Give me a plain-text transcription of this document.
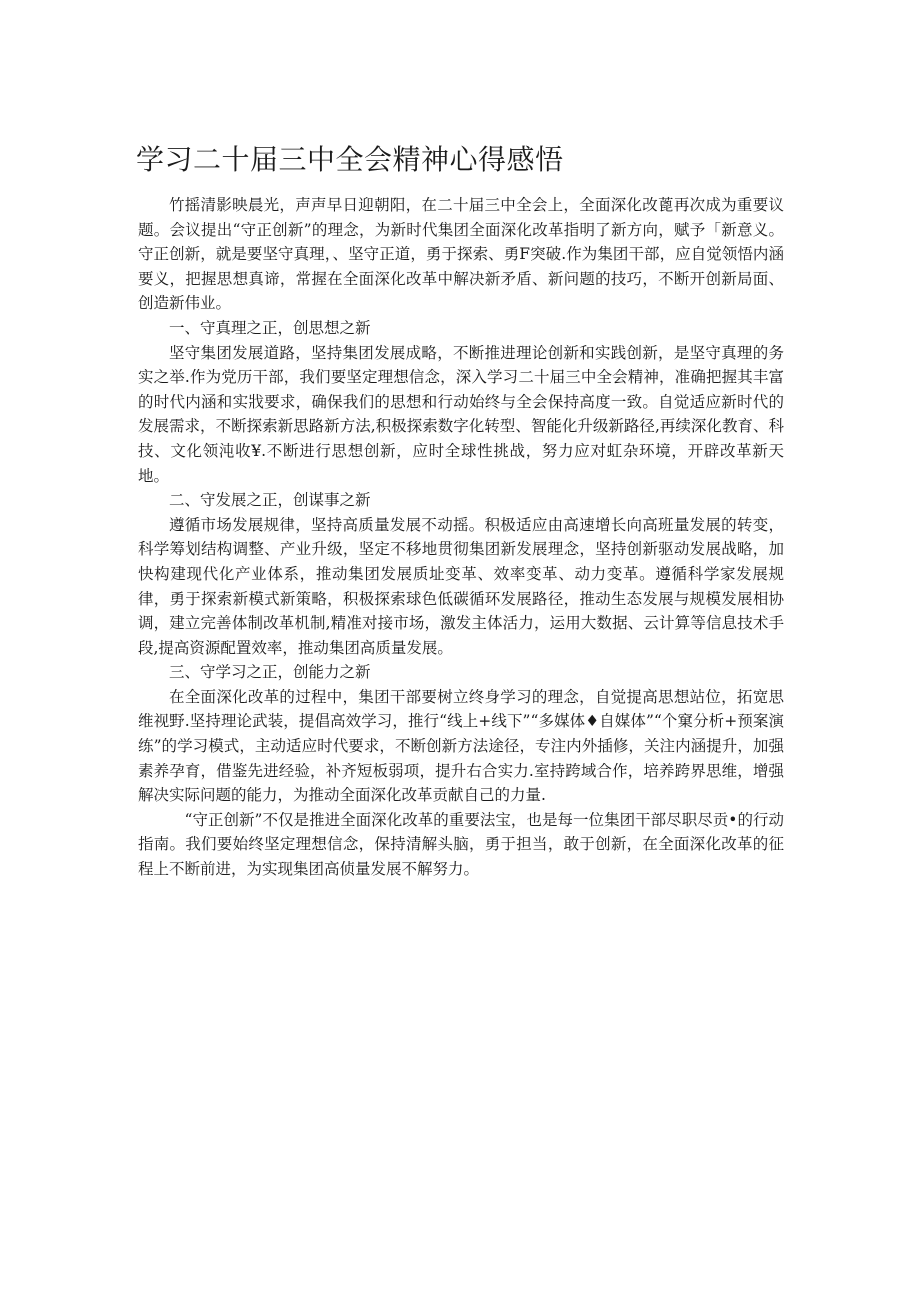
学习二十届三中全会精神心得感悟

竹摇清影映晨光，声声早日迎朝阳，在二十届三中全会上，全面深化改蓖再次成为重要议题。会议提出“守正创新”的理念，为新时代集团全面深化改革指明了新方向，赋予「新意义。守正创新，就是要坚守真理，、坚守正道，勇于探索、勇F突破.作为集团干部，应自觉领悟内涵要义，把握思想真谛，常握在全面深化改革中解决新矛盾、新问题的技巧，不断开创新局面、创造新伟业。

一、守真理之正，创思想之新

坚守集团发展道路，坚持集团发展成略，不断推进理论创新和实践创新，是坚守真理的务实之举.作为党历干部，我们要坚定理想信念，深入学习二十届三中全会精神，准确把握其丰富的时代内涵和实戕要求，确保我们的思想和行动始终与全会保持高度一致。自觉适应新时代的发展需求，不断探索新思路新方法,积极探索数字化转型、智能化升级新路径,再续深化教育、科技、文化领沌收¥.不断进行思想创新，应时全球性挑战，努力应对虹杂环境，开辟改革新天地。

二、守发展之正，创谋事之新

遵循市场发展规律，坚持高质量发展不动摇。积极适应由高速增长向高班量发展的转变，科学筹划结构调整、产业升级，坚定不移地贯彻集团新发展理念，坚持创新驱动发展战略，加快构建现代化产业体系，推动集团发展质址变革、效率变革、动力变革。遵循科学家发展规律，勇于探索新模式新策略，积极探索球色低碳循环发展路径，推动生态发展与规模发展相协调，建立完善体制改革机制,精准对接市场，激发主体活力，运用大数据、云计算等信息技术手段,提高资源配置效率，推动集团高质量发展。

三、守学习之正，创能力之新

在全面深化改革的过程中，集团干部要树立终身学习的理念，自觉提高思想站位，拓宽思维视野.坚持理论武装，提倡高效学习，推行“线上+线下”“多媒体♦自媒体”“个窠分析+预案演练”的学习模式，主动适应时代要求，不断创新方法途径，专注内外插修，关注内涵提升，加强素养孕育，借鉴先进经验，补齐短板弱项，提升右合实力.室持跨域合作，培养跨界思维，增强解决实际问题的能力，为推动全面深化改革贡献自己的力量.

“守正创新”不仅是推进全面深化改革的重要法宝，也是每一位集团干部尽职尽贡•的行动指南。我们要始终坚定理想信念，保持清解头脑，勇于担当，敢于创新，在全面深化改革的征程上不断前进，为实现集团高侦量发展不解努力。
